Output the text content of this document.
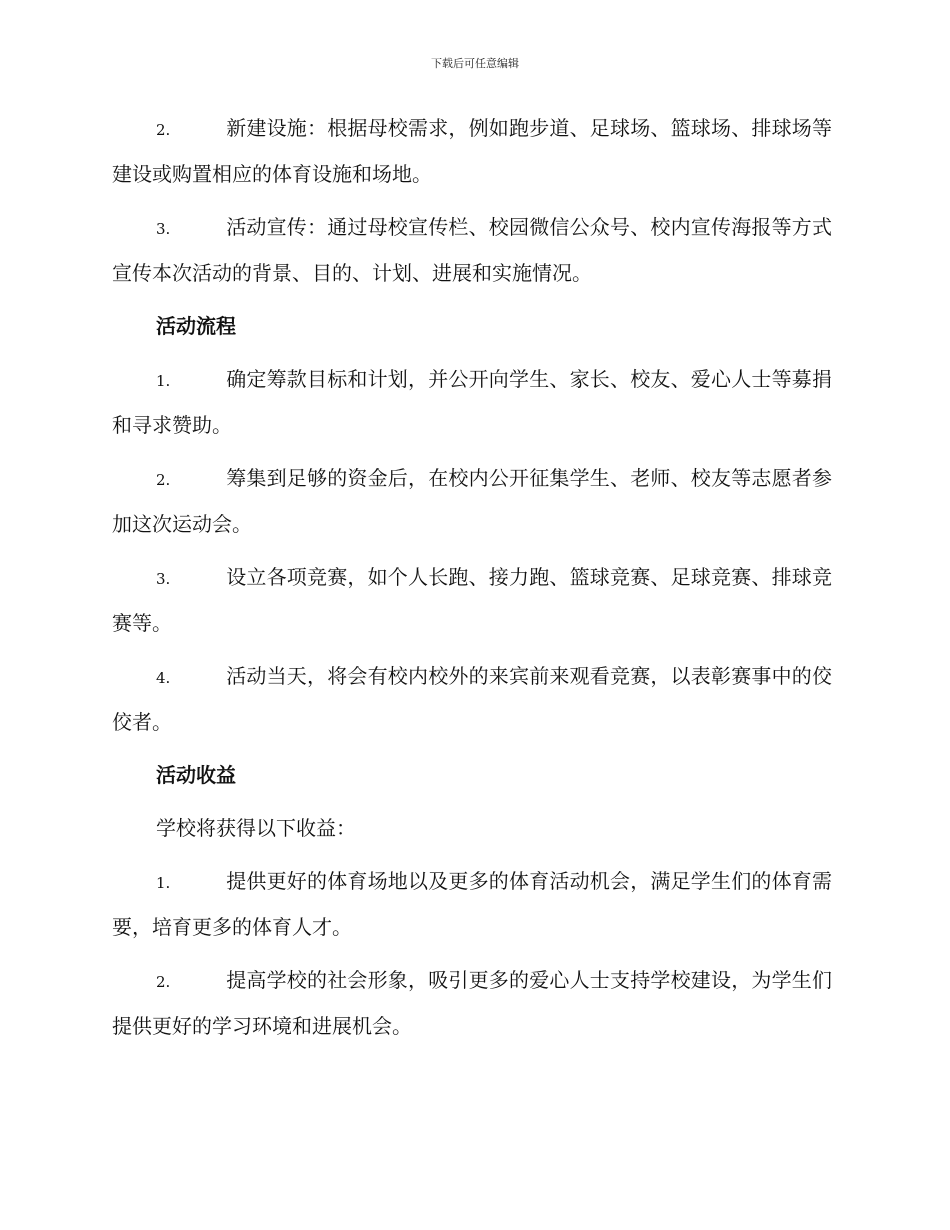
下载后可任意编辑

2.	新建设施：根据母校需求，例如跑步道、足球场、篮球场、排球场等建设或购置相应的体育设施和场地。

3.	活动宣传：通过母校宣传栏、校园微信公众号、校内宣传海报等方式宣传本次活动的背景、目的、计划、进展和实施情况。

活动流程

1.	确定筹款目标和计划，并公开向学生、家长、校友、爱心人士等募捐和寻求赞助。

2.	筹集到足够的资金后，在校内公开征集学生、老师、校友等志愿者参加这次运动会。

3.	设立各项竞赛，如个人长跑、接力跑、篮球竞赛、足球竞赛、排球竞赛等。

4.	活动当天，将会有校内校外的来宾前来观看竞赛，以表彰赛事中的佼佼者。

活动收益
学校将获得以下收益：

1.	提供更好的体育场地以及更多的体育活动机会，满足学生们的体育需要，培育更多的体育人才。

2.	提高学校的社会形象，吸引更多的爱心人士支持学校建设，为学生们提供更好的学习环境和进展机会。
